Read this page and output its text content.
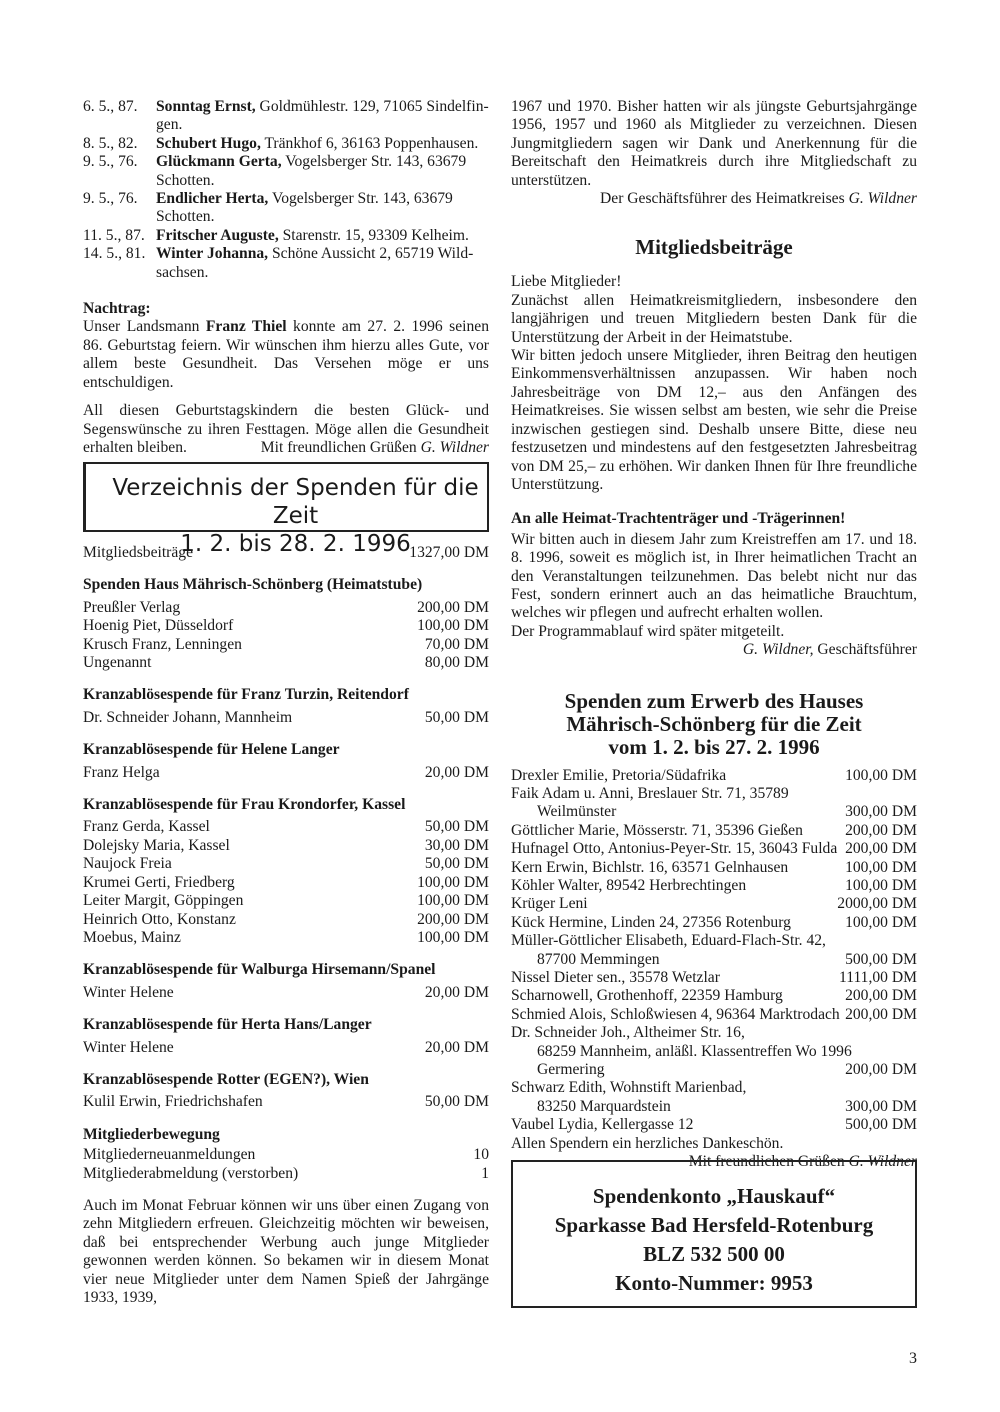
6. 5., 87.	Sonntag Ernst, Goldmühlestr. 129, 71065 Sindelfin-
gen.
8. 5., 82.	Schubert Hugo, Tränkhof 6, 36163 Poppenhausen.
9. 5., 76.	Glückmann Gerta, Vogelsberger Str. 143, 63679
Schotten.
9. 5., 76.	Endlicher Herta, Vogelsberger Str. 143, 63679
Schotten.
11. 5., 87. Fritscher Auguste, Starenstr. 15, 93309 Kelheim.
14. 5., 81. Winter Johanna, Schöne Aussicht 2, 65719 Wild-
sachsen.

Nachtrag:

Unser Landsmann Franz Thiel konnte am 27. 2. 1996 seinen 86. Geburtstag feiern. Wir wünschen ihm hierzu alles Gute, vor allem beste Gesundheit. Das Versehen möge er uns entschuldigen.

All diesen Geburtstagskindern die besten Glück- und Segenswünsche zu ihren Festtagen. Möge allen die Gesundheit erhalten bleiben.	Mit freundlichen Grüßen G. Wildner

Verzeichnis der Spenden für die Zeit
1. 2. bis 28. 2. 1996
Mitgliedsbeiträge	1327,00 DM

Spenden Haus Mährisch-Schönberg (Heimatstube)

Preußler Verlag	200,00 DM
Hoenig Piet, Düsseldorf	100,00 DM
Krusch Franz, Lenningen	70,00 DM
Ungenannt	80,00 DM

Kranzablösespende für Franz Turzin, Reitendorf

Dr. Schneider Johann, Mannheim	50,00 DM

Kranzablösespende für Helene Langer

Franz Helga	20,00 DM

Kranzablösespende für Frau Krondorfer, Kassel

Franz Gerda, Kassel	50,00 DM
Dolejsky Maria, Kassel	30,00 DM
Naujock Freia	50,00 DM
Krumei Gerti, Friedberg	100,00 DM
Leiter Margit, Göppingen	100,00 DM
Heinrich Otto, Konstanz	200,00 DM
Moebus, Mainz	100,00 DM

Kranzablösespende für Walburga Hirsemann/Spanel

Winter Helene	20,00 DM

Kranzablösespende für Herta Hans/Langer

Winter Helene	20,00 DM

Kranzablösespende Rotter (EGEN?), Wien

Kulil Erwin, Friedrichshafen	50,00 DM

Mitgliederbewegung

Mitgliederneuanmeldungen	10
Mitgliederabmeldung (verstorben)	1

Auch im Monat Februar können wir uns über einen Zugang von zehn Mitgliedern erfreuen. Gleichzeitig möchten wir beweisen, daß bei entsprechender Werbung auch junge Mitglieder gewonnen werden können. So bekamen wir in diesem Monat vier neue Mitglieder unter dem Namen Spieß der Jahrgänge 1933, 1939,

1967 und 1970. Bisher hatten wir als jüngste Geburtsjahrgänge 1956, 1957 und 1960 als Mitglieder zu verzeichnen. Diesen Jungmitgliedern sagen wir Dank und Anerkennung für die Bereitschaft den Heimatkreis durch ihre Mitgliedschaft zu unterstützen.

Der Geschäftsführer des Heimatkreises G. Wildner

Mitgliedsbeiträge

Liebe Mitglieder!

Zunächst allen Heimatkreismitgliedern, insbesondere den langjährigen und treuen Mitgliedern besten Dank für die Unterstützung der Arbeit in der Heimatstube.

Wir bitten jedoch unsere Mitglieder, ihren Beitrag den heutigen Einkommensverhältnissen anzupassen. Wir haben noch Jahresbeiträge von DM 12,– aus den Anfängen des Heimatkreises. Sie wissen selbst am besten, wie sehr die Preise inzwischen gestiegen sind. Deshalb unsere Bitte, diese neu festzusetzen und mindestens auf den festgesetzten Jahresbeitrag von DM 25,– zu erhöhen. Wir danken Ihnen für Ihre freundliche Unterstützung.

An alle Heimat-Trachtenträger und -Trägerinnen!

Wir bitten auch in diesem Jahr zum Kreistreffen am 17. und 18. 8. 1996, soweit es möglich ist, in Ihrer heimatlichen Tracht an den Veranstaltungen teilzunehmen. Das belebt nicht nur das Fest, sondern erinnert auch an das heimatliche Brauchtum, welches wir pflegen und aufrecht erhalten wollen.

Der Programmablauf wird später mitgeteilt.

G. Wildner, Geschäftsführer

Spenden zum Erwerb des Hauses

Mährisch-Schönberg für die Zeit

vom 1. 2. bis 27. 2. 1996

Drexler Emilie, Pretoria/Südafrika	100,00 DM
Faik Adam u. Anni, Breslauer Str. 71, 35789
Weilmünster	300,00 DM
Göttlicher Marie, Mösserstr. 71, 35396 Gießen	200,00 DM
Hufnagel Otto, Antonius-Peyer-Str. 15, 36043 Fulda 200,00 DM
Kern Erwin, Bichlstr. 16, 63571 Gelnhausen	100,00 DM
Köhler Walter, 89542 Herbrechtingen	100,00 DM
Krüger Leni	2000,00 DM
Kück Hermine, Linden 24, 27356 Rotenburg	100,00 DM
Müller-Göttlicher Elisabeth, Eduard-Flach-Str. 42,
87700 Memmingen	500,00 DM
Nissel Dieter sen., 35578 Wetzlar	1111,00 DM
Scharnowell, Grothenhoff, 22359 Hamburg	200,00 DM
Schmied Alois, Schloßwiesen 4, 96364 Marktrodach 200,00 DM
Dr. Schneider Joh., Altheimer Str. 16,
68259 Mannheim, anläßl. Klassentreffen Wo 1996
Germering	200,00 DM
Schwarz Edith, Wohnstift Marienbad,
83250 Marquardstein	300,00 DM
Vaubel Lydia, Kellergasse 12	500,00 DM

Allen Spendern ein herzliches Dankeschön.

Mit freundlichen Grüßen G. Wildner

Spendenkonto „Hauskauf“
Sparkasse Bad Hersfeld-Rotenburg
BLZ 532 500 00
Konto-Nummer: 9953
3
